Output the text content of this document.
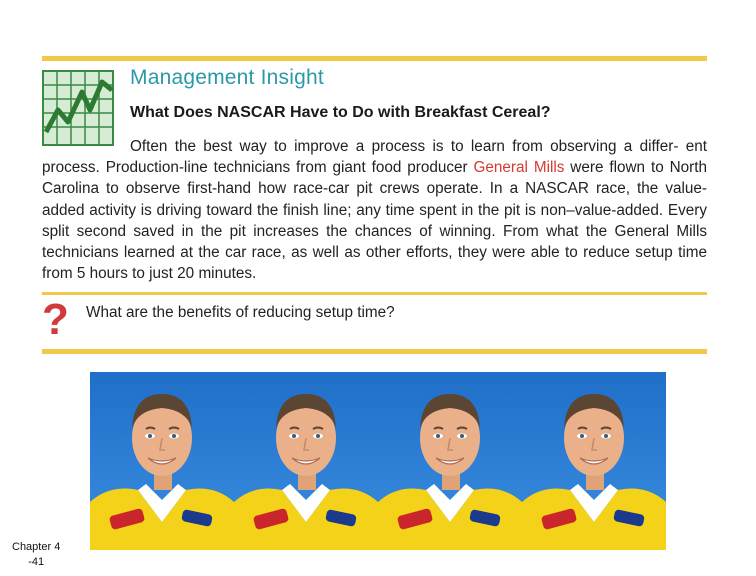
Management Insight
What Does NASCAR Have to Do with Breakfast Cereal?
Often the best way to improve a process is to learn from observing a differ- ent process. Production-line technicians from giant food producer General Mills were flown to North Carolina to observe first-hand how race-car pit crews operate. In a NASCAR race, the value-added activity is driving toward the finish line; any time spent in the pit is non–value-added. Every split second saved in the pit increases the chances of winning. From what the General Mills technicians learned at the car race, as well as other efforts, they were able to reduce setup time from 5 hours to just 20 minutes.
? What are the benefits of reducing setup time?
Chapter 4
-41
